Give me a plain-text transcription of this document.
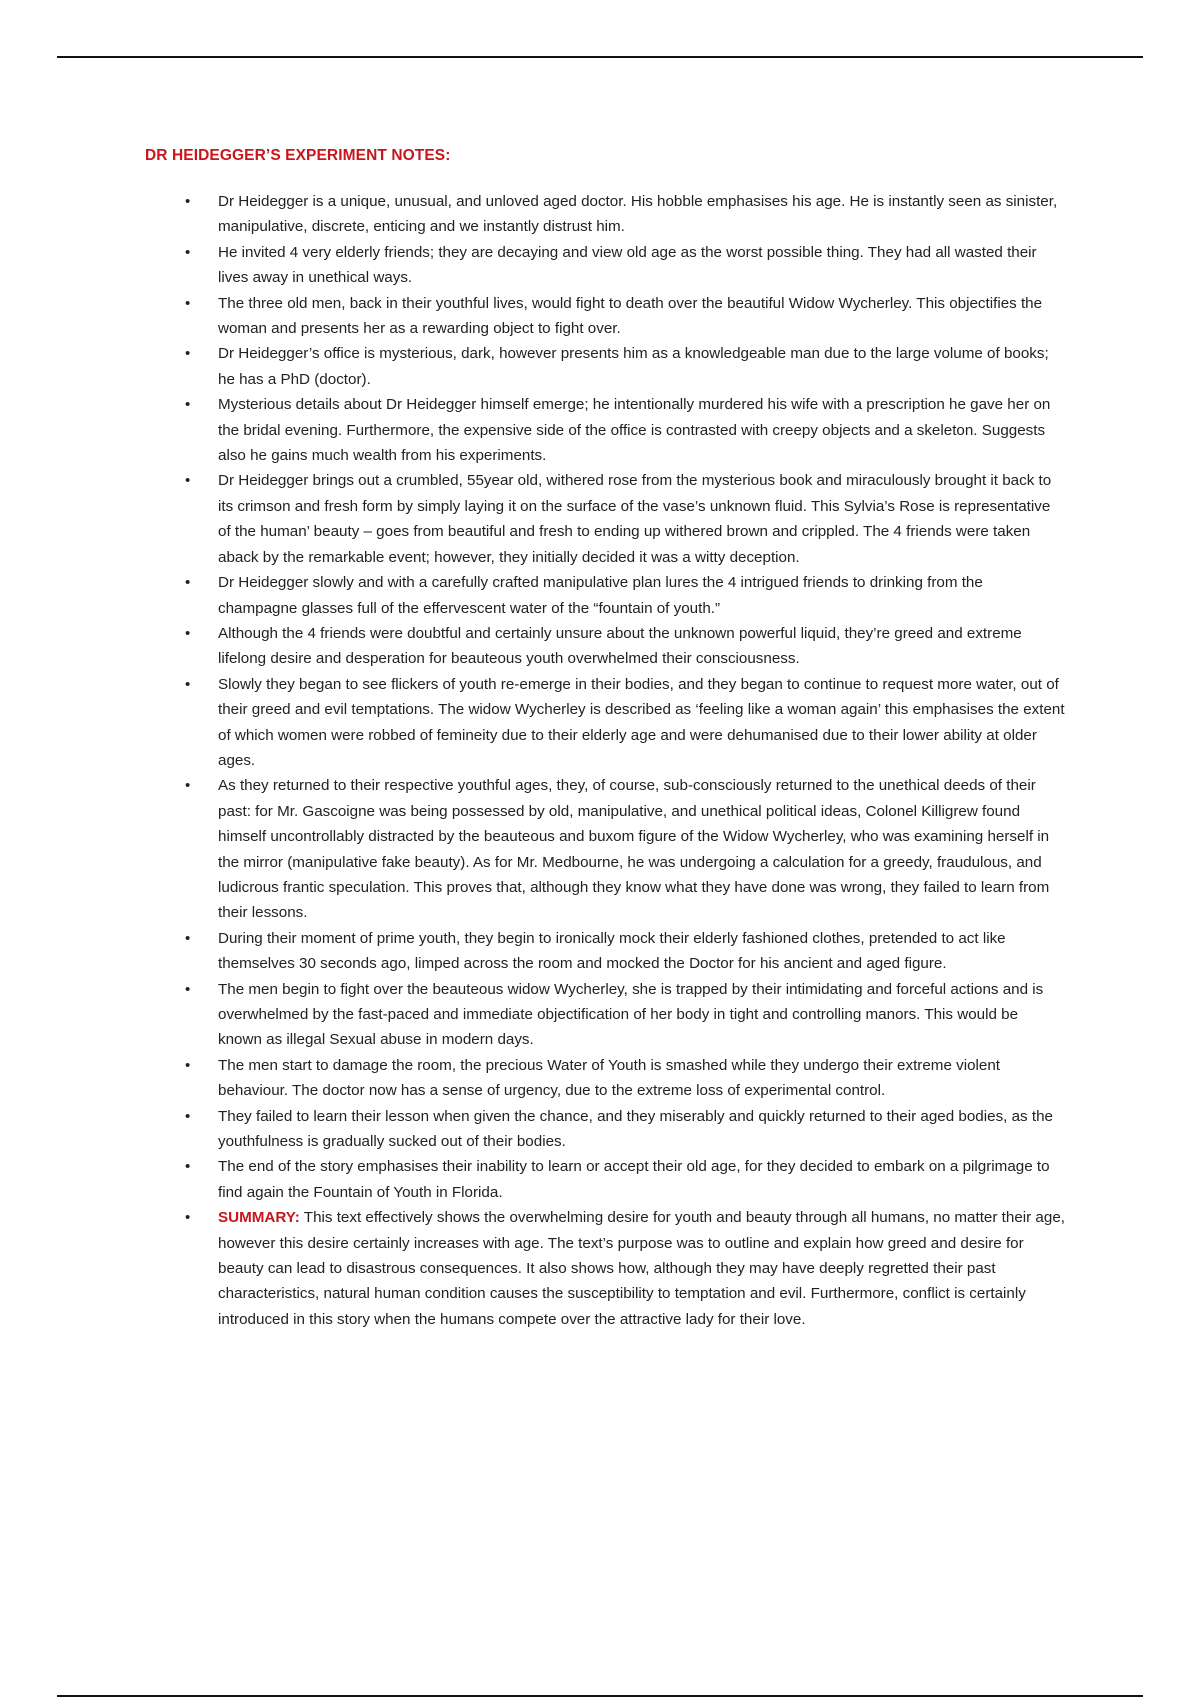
DR HEIDEGGER’S EXPERIMENT NOTES:
• Dr Heidegger is a unique, unusual, and unloved aged doctor. His hobble emphasises his age. He is instantly seen as sinister, manipulative, discrete, enticing and we instantly distrust him.
• He invited 4 very elderly friends; they are decaying and view old age as the worst possible thing. They had all wasted their lives away in unethical ways.
• The three old men, back in their youthful lives, would fight to death over the beautiful Widow Wycherley. This objectifies the woman and presents her as a rewarding object to fight over.
• Dr Heidegger’s office is mysterious, dark, however presents him as a knowledgeable man due to the large volume of books; he has a PhD (doctor).
• Mysterious details about Dr Heidegger himself emerge; he intentionally murdered his wife with a prescription he gave her on the bridal evening. Furthermore, the expensive side of the office is contrasted with creepy objects and a skeleton. Suggests also he gains much wealth from his experiments.
• Dr Heidegger brings out a crumbled, 55year old, withered rose from the mysterious book and miraculously brought it back to its crimson and fresh form by simply laying it on the surface of the vase’s unknown fluid. This Sylvia’s Rose is representative of the human’ beauty – goes from beautiful and fresh to ending up withered brown and crippled. The 4 friends were taken aback by the remarkable event; however, they initially decided it was a witty deception.
• Dr Heidegger slowly and with a carefully crafted manipulative plan lures the 4 intrigued friends to drinking from the champagne glasses full of the effervescent water of the “fountain of youth.”
• Although the 4 friends were doubtful and certainly unsure about the unknown powerful liquid, they’re greed and extreme lifelong desire and desperation for beauteous youth overwhelmed their consciousness.
• Slowly they began to see flickers of youth re-emerge in their bodies, and they began to continue to request more water, out of their greed and evil temptations. The widow Wycherley is described as ‘feeling like a woman again’ this emphasises the extent of which women were robbed of femineity due to their elderly age and were dehumanised due to their lower ability at older ages.
• As they returned to their respective youthful ages, they, of course, sub-consciously returned to the unethical deeds of their past: for Mr. Gascoigne was being possessed by old, manipulative, and unethical political ideas, Colonel Killigrew found himself uncontrollably distracted by the beauteous and buxom figure of the Widow Wycherley, who was examining herself in the mirror (manipulative fake beauty). As for Mr. Medbourne, he was undergoing a calculation for a greedy, fraudulous, and ludicrous frantic speculation. This proves that, although they know what they have done was wrong, they failed to learn from their lessons.
• During their moment of prime youth, they begin to ironically mock their elderly fashioned clothes, pretended to act like themselves 30 seconds ago, limped across the room and mocked the Doctor for his ancient and aged figure.
• The men begin to fight over the beauteous widow Wycherley, she is trapped by their intimidating and forceful actions and is overwhelmed by the fast-paced and immediate objectification of her body in tight and controlling manors. This would be known as illegal Sexual abuse in modern days.
• The men start to damage the room, the precious Water of Youth is smashed while they undergo their extreme violent behaviour. The doctor now has a sense of urgency, due to the extreme loss of experimental control.
• They failed to learn their lesson when given the chance, and they miserably and quickly returned to their aged bodies, as the youthfulness is gradually sucked out of their bodies.
• The end of the story emphasises their inability to learn or accept their old age, for they decided to embark on a pilgrimage to find again the Fountain of Youth in Florida.
• SUMMARY: This text effectively shows the overwhelming desire for youth and beauty through all humans, no matter their age, however this desire certainly increases with age. The text’s purpose was to outline and explain how greed and desire for beauty can lead to disastrous consequences. It also shows how, although they may have deeply regretted their past characteristics, natural human condition causes the susceptibility to temptation and evil. Furthermore, conflict is certainly introduced in this story when the humans compete over the attractive lady for their love.
